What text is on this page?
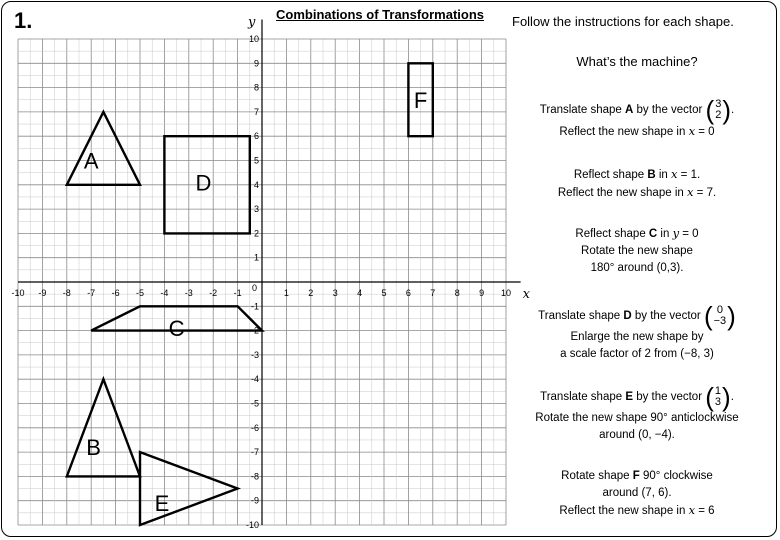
1.	Combinations of Transformations Follow the instructions for each shape.
What’s the machine?
x
y
0
-10 -9 -8 -7 -6 -5 -4 -3 -2 -1	1 2 3 4 5 6 7 8 9 10
10
9
8
7
6
5
4
3
2
1
-1
-2
-3
-4
-5
-6
-7
-8
-9
-10
A
B
C
D
E
F	Translate shape A by the vector ( 3
2 ) .
Reflect the new shape in x = 0
Reflect shape B in x = 1.
Reflect the new shape in x = 7.
Reflect shape C in y = 0
Rotate the new shape
180° around (0,3).
Translate shape D by the vector ( 0
−3 )
Enlarge the new shape by
a scale factor of 2 from (−8, 3)
Translate shape E by the vector ( 1
3 ) .
Rotate the new shape 90° anticlockwise
around (0, −4).
Rotate shape F 90° clockwise
around (7, 6).
Reflect the new shape in x = 6
